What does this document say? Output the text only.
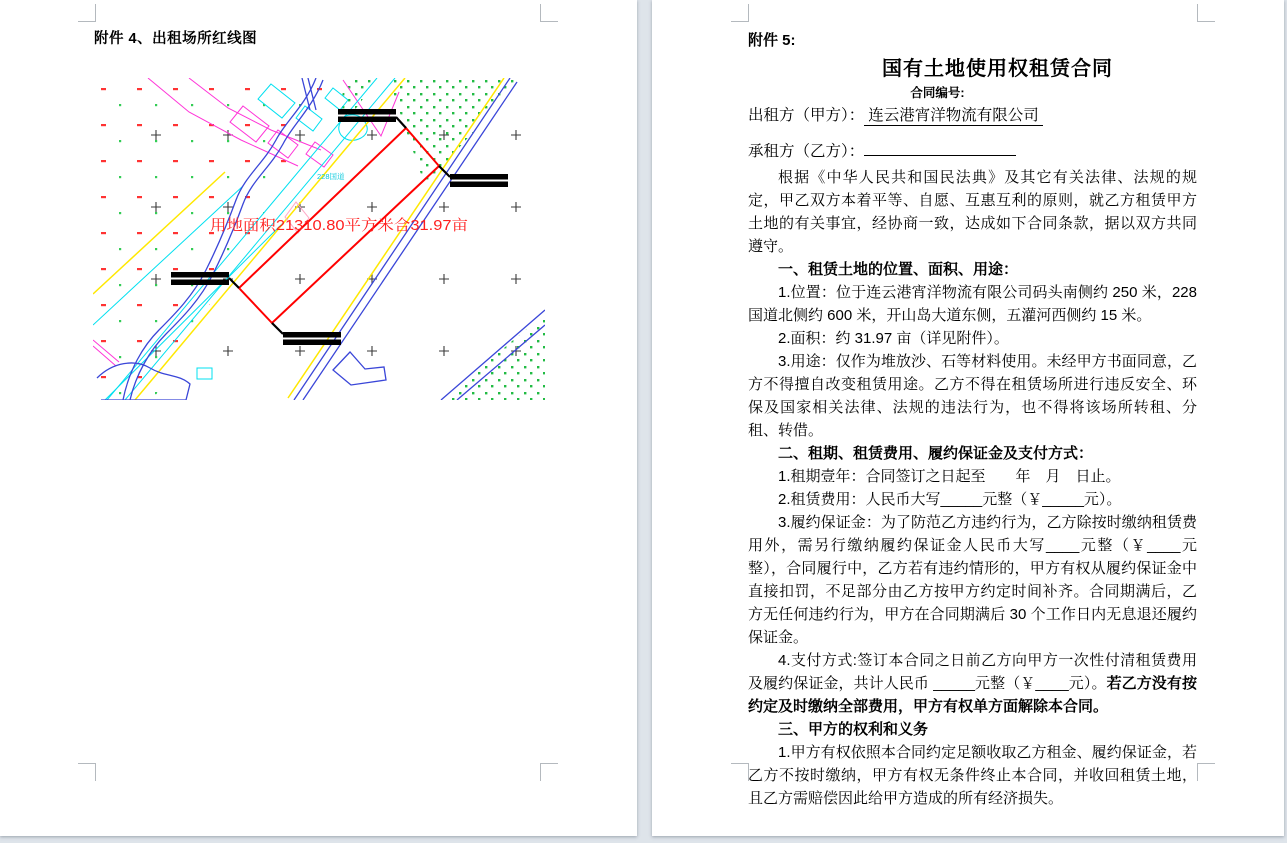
附件 4、出租场所红线图
228国道
用地面积21310.80平方米合31.97亩
附件 5:
国有土地使用权租赁合同
合同编号:
出租方（甲方）： 连云港宵洋物流有限公司
承租方（乙方）：

根据《中华人民共和国民法典》及其它有关法律、法规的规定，甲乙双方本着平等、自愿、互惠互利的原则，就乙方租赁甲方土地的有关事宜，经协商一致，达成如下合同条款，据以双方共同遵守。

一、租赁土地的位置、面积、用途：

1.位置：位于连云港宵洋物流有限公司码头南侧约 250 米，228国道北侧约 600 米，开山岛大道东侧，五灌河西侧约 15 米。

2.面积：约 31.97 亩（详见附件）。

3.用途：仅作为堆放沙、石等材料使用。未经甲方书面同意，乙方不得擅自改变租赁用途。乙方不得在租赁场所进行违反安全、环保及国家相关法律、法规的违法行为，也不得将该场所转租、分租、转借。

二、租期、租赁费用、履约保证金及支付方式：

1.租期壹年：合同签订之日起至　　年　月　日止。

2.租赁费用：人民币大写_____元整（￥_____元）。

3.履约保证金：为了防范乙方违约行为，乙方除按时缴纳租赁费用外，需另行缴纳履约保证金人民币大写____元整（￥____元整），合同履行中，乙方若有违约情形的，甲方有权从履约保证金中直接扣罚，不足部分由乙方按甲方约定时间补齐。合同期满后，乙方无任何违约行为，甲方在合同期满后 30 个工作日内无息退还履约保证金。

4.支付方式:签订本合同之日前乙方向甲方一次性付清租赁费用及履约保证金，共计人民币 _____元整（￥____元）。若乙方没有按约定及时缴纳全部费用，甲方有权单方面解除本合同。

三、甲方的权利和义务

1.甲方有权依照本合同约定足额收取乙方租金、履约保证金，若乙方不按时缴纳，甲方有权无条件终止本合同，并收回租赁土地，且乙方需赔偿因此给甲方造成的所有经济损失。
